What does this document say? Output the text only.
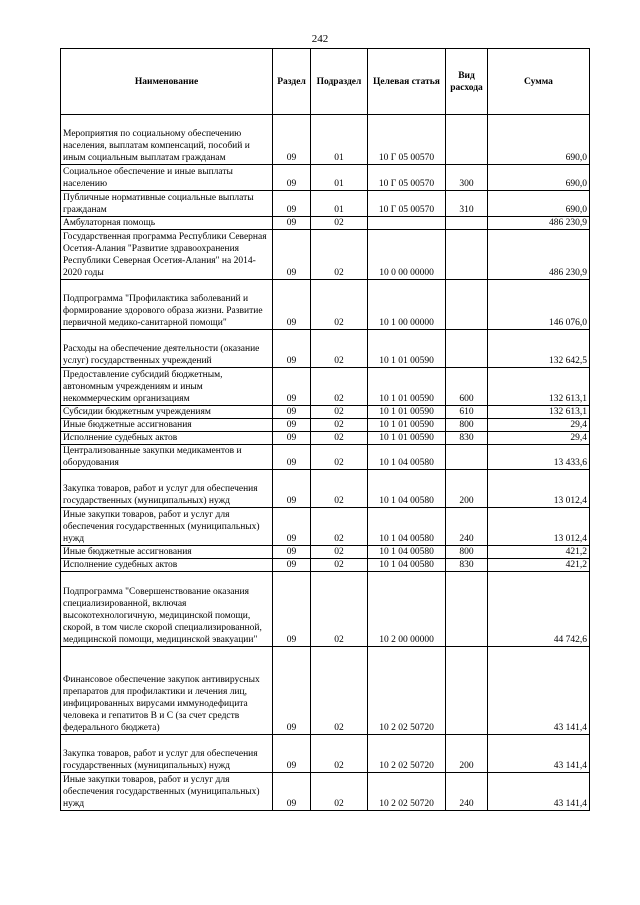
242
Наименование	Раздел	Подраздел	Целевая статья	Вид расхода	Сумма
Мероприятия по социальному обеспечению населения, выплатам компенсаций, пособий и иным социальным выплатам гражданам	09	01	10 Г 05 00570		690,0
Социальное обеспечение и иные выплаты населению	09	01	10 Г 05 00570	300	690,0
Публичные нормативные социальные выплаты гражданам	09	01	10 Г 05 00570	310	690,0
Амбулаторная помощь	09	02			486 230,9
Государственная программа Республики Северная Осетия-Алания "Развитие здравоохранения Республики Северная Осетия-Алания" на 2014-2020 годы	09	02	10 0 00 00000		486 230,9
Подпрограмма "Профилактика заболеваний и формирование здорового образа жизни. Развитие первичной медико-санитарной помощи"	09	02	10 1 00 00000		146 076,0
Расходы на обеспечение деятельности (оказание услуг) государственных учреждений	09	02	10 1 01 00590		132 642,5
Предоставление субсидий бюджетным, автономным учреждениям и иным некоммерческим организациям	09	02	10 1 01 00590	600	132 613,1
Субсидии бюджетным учреждениям	09	02	10 1 01 00590	610	132 613,1
Иные бюджетные ассигнования	09	02	10 1 01 00590	800	29,4
Исполнение судебных актов	09	02	10 1 01 00590	830	29,4
Централизованные закупки медикаментов и оборудования	09	02	10 1 04 00580		13 433,6
Закупка товаров, работ и услуг для обеспечения государственных (муниципальных) нужд	09	02	10 1 04 00580	200	13 012,4
Иные закупки товаров, работ и услуг для обеспечения государственных (муниципальных) нужд	09	02	10 1 04 00580	240	13 012,4
Иные бюджетные ассигнования	09	02	10 1 04 00580	800	421,2
Исполнение судебных актов	09	02	10 1 04 00580	830	421,2
Подпрограмма "Совершенствование оказания специализированной, включая высокотехнологичную, медицинской помощи, скорой, в том числе скорой специализированной, медицинской помощи, медицинской эвакуации"	09	02	10 2 00 00000		44 742,6
Финансовое обеспечение закупок антивирусных препаратов для профилактики и лечения лиц, инфицированных вирусами иммунодефицита человека и гепатитов В и С (за счет средств федерального бюджета)	09	02	10 2 02 50720		43 141,4
Закупка товаров, работ и услуг для обеспечения государственных (муниципальных) нужд	09	02	10 2 02 50720	200	43 141,4
Иные закупки товаров, работ и услуг для обеспечения государственных (муниципальных) нужд	09	02	10 2 02 50720	240	43 141,4
